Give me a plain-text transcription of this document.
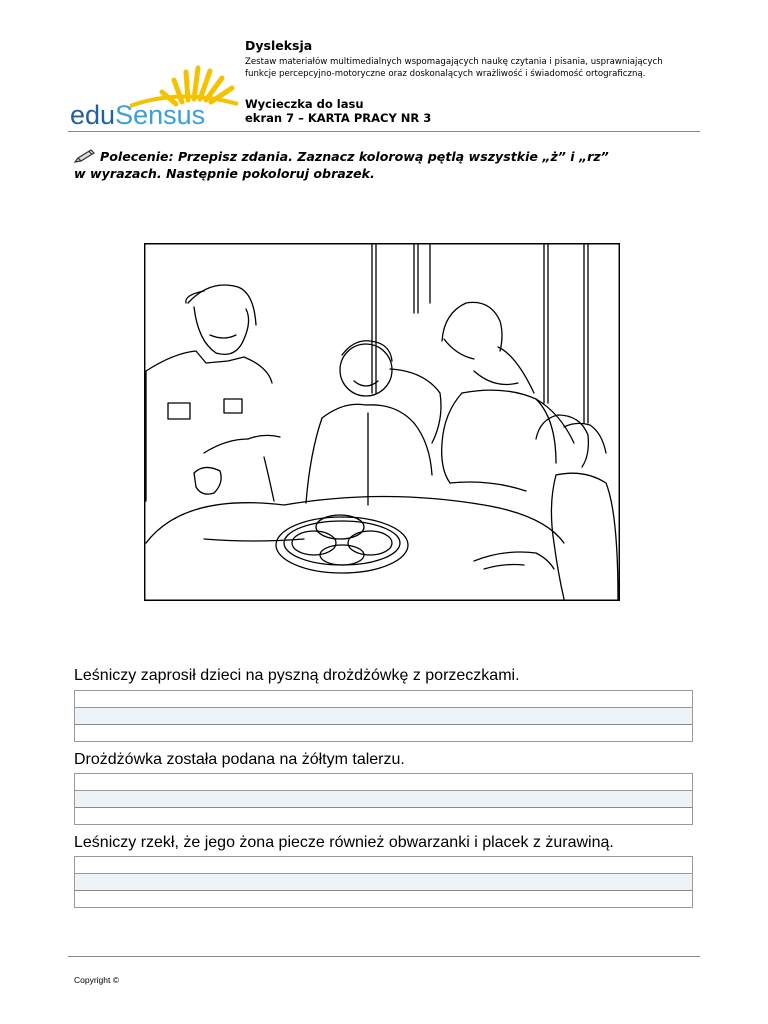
eduSensus
Dysleksja
Zestaw materiałów multimedialnych wspomagających naukę czytania i pisania, usprawniających funkcje percepcyjno-motoryczne oraz doskonalących wrażliwość i świadomość ortograficzną.
Wycieczka do lasu
ekran 7 – KARTA PRACY NR 3
Polecenie: Przepisz zdania. Zaznacz kolorową pętlą wszystkie „ż” i „rz”
w wyrazach. Następnie pokoloruj obrazek.
Leśniczy zaprosił dzieci na pyszną drożdżówkę z porzeczkami.
Drożdżówka została podana na żółtym talerzu.
Leśniczy rzekł, że jego żona piecze również obwarzanki i placek z żurawiną.
Copyright ©
